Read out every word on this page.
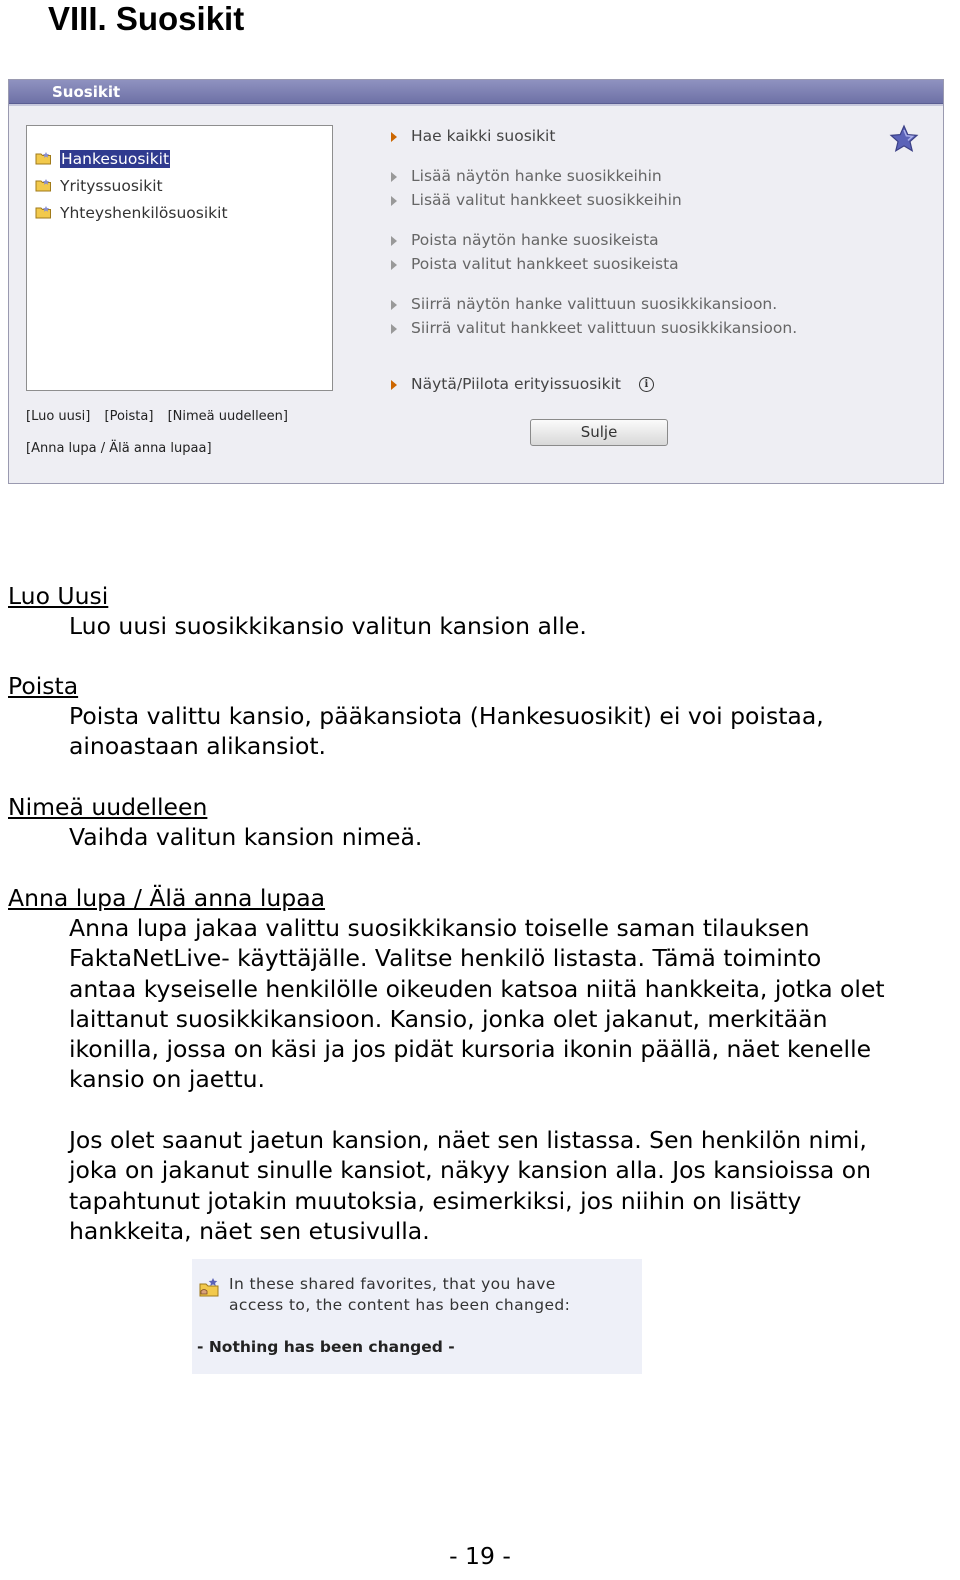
VIII. Suosikit
Suosikit
Hankesuosikit
Yrityssuosikit
Yhteyshenkilösuosikit
[Luo uusi] [Poista] [Nimeä uudelleen]
[Anna lupa / Älä anna lupaa]
Hae kaikki suosikit
Lisää näytön hanke suosikkeihin
Lisää valitut hankkeet suosikkeihin
Poista näytön hanke suosikeista
Poista valitut hankkeet suosikeista
Siirrä näytön hanke valittuun suosikkikansioon.
Siirrä valitut hankkeet valittuun suosikkikansioon.
Näytä/Piilota erityissuosikit i
Sulje
Luo Uusi

Luo uusi suosikkikansio valitun kansion alle.

Poista

Poista valittu kansio, pääkansiota (Hankesuosikit) ei voi poistaa,
ainoastaan alikansiot.

Nimeä uudelleen

Vaihda valitun kansion nimeä.

Anna lupa / Älä anna lupaa

Anna lupa jakaa valittu suosikkikansio toiselle saman tilauksen
FaktaNetLive- käyttäjälle. Valitse henkilö listasta. Tämä toiminto
antaa kyseiselle henkilölle oikeuden katsoa niitä hankkeita, jotka olet
laittanut suosikkikansioon. Kansio, jonka olet jakanut, merkitään
ikonilla, jossa on käsi ja jos pidät kursoria ikonin päällä, näet kenelle
kansio on jaettu.

Jos olet saanut jaetun kansion, näet sen listassa. Sen henkilön nimi,
joka on jakanut sinulle kansiot, näkyy kansion alla. Jos kansioissa on
tapahtunut jotakin muutoksia, esimerkiksi, jos niihin on lisätty
hankkeita, näet sen etusivulla.

In these shared favorites, that you have
access to, the content has been changed:
- Nothing has been changed -
- 19 -
